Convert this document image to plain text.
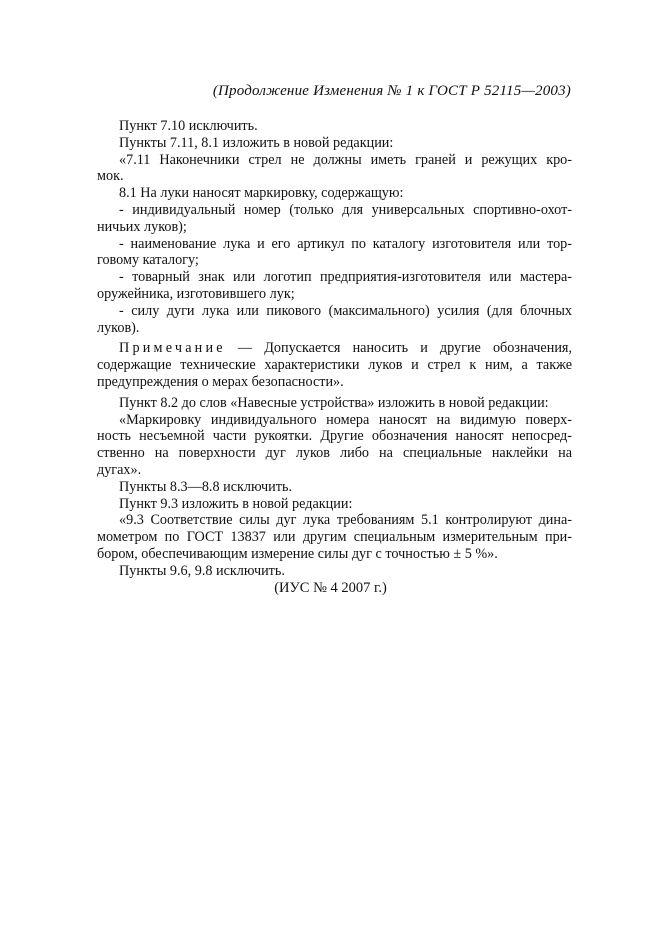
(Продолжение Изменения № 1 к ГОСТ Р 52115—2003)

Пункт 7.10 исключить.

Пункты 7.11, 8.1 изложить в новой редакции:

«7.11 Наконечники стрел не должны иметь граней и режущих кро-

мок.

8.1 На луки наносят маркировку, содержащую:

- индивидуальный номер (только для универсальных спортивно-охот-

ничьих луков);

- наименование лука и его артикул по каталогу изготовителя или тор-

говому каталогу;

- товарный знак или логотип предприятия-изготовителя или мастера-

оружейника, изготовившего лук;

- силу дуги лука или пикового (максимального) усилия (для блочных

луков).

Примечание — Допускается наносить и другие обозначения,

содержащие технические характеристики луков и стрел к ним, а также

предупреждения о мерах безопасности».

Пункт 8.2 до слов «Навесные устройства» изложить в новой редакции:

«Маркировку индивидуального номера наносят на видимую поверх-

ность несъемной части рукоятки. Другие обозначения наносят непосред-

ственно на поверхности дуг луков либо на специальные наклейки на

дугах».

Пункты 8.3—8.8 исключить.

Пункт 9.3 изложить в новой редакции:

«9.3 Соответствие силы дуг лука требованиям 5.1 контролируют дина-

мометром по ГОСТ 13837 или другим специальным измерительным при-

бором, обеспечивающим измерение силы дуг с точностью ± 5 %».

Пункты 9.6, 9.8 исключить.

(ИУС № 4 2007 г.)
